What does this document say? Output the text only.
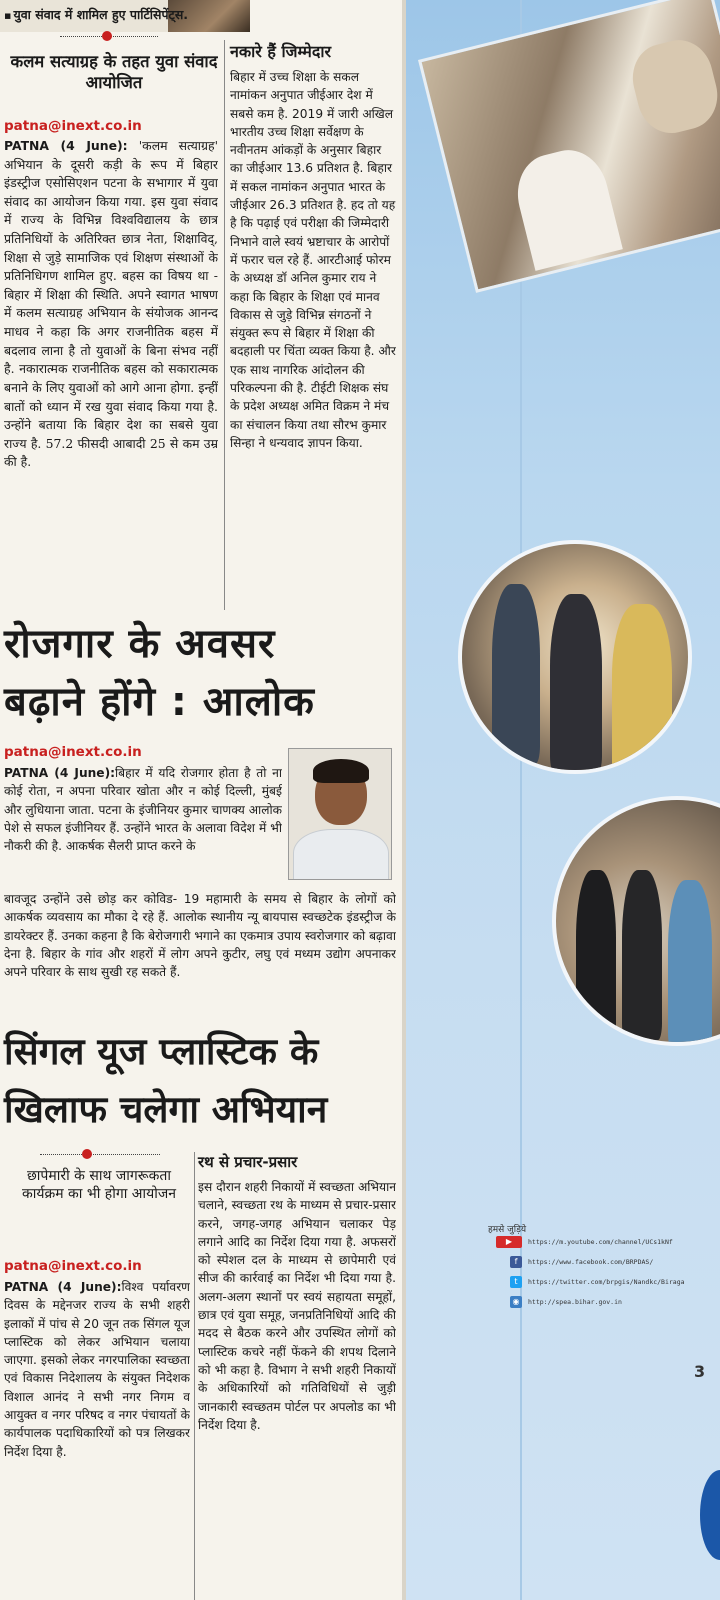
▪ युवा संवाद में शामिल हुए पार्टिसिपेंट्स.
कलम सत्याग्रह के तहत युवा संवाद आयोजित
patna@inext.co.in
PATNA (4 June): 'कलम सत्याग्रह' अभियान के दूसरी कड़ी के रूप में बिहार इंडस्ट्रीज एसोसिएशन पटना के सभागार में युवा संवाद का आयोजन किया गया. इस युवा संवाद में राज्य के विभिन्न विश्वविद्यालय के छात्र प्रतिनिधियों के अतिरिक्त छात्र नेता, शिक्षाविद्, शिक्षा से जुड़े सामाजिक एवं शिक्षण संस्थाओं के प्रतिनिधिगण शामिल हुए. बहस का विषय था - बिहार में शिक्षा की स्थिति. अपने स्वागत भाषण में कलम सत्याग्रह अभियान के संयोजक आनन्द माधव ने कहा कि अगर राजनीतिक बहस में बदलाव लाना है तो युवाओं के बिना संभव नहीं है. नकारात्मक राजनीतिक बहस को सकारात्मक बनाने के लिए युवाओं को आगे आना होगा. इन्हीं बातों को ध्यान में रख युवा संवाद किया गया है. उन्होंने बताया कि बिहार देश का सबसे युवा राज्य है. 57.2 फीसदी आबादी 25 से कम उम्र की है.
नकारे हैं जिम्मेदार
बिहार में उच्च शिक्षा के सकल नामांकन अनुपात जीईआर देश में सबसे कम है. 2019 में जारी अखिल भारतीय उच्च शिक्षा सर्वेक्षण के नवीनतम आंकड़ों के अनुसार बिहार का जीईआर 13.6 प्रतिशत है. बिहार में सकल नामांकन अनुपात भारत के जीईआर 26.3 प्रतिशत है. हद तो यह है कि पढ़ाई एवं परीक्षा की जिम्मेदारी निभाने वाले स्वयं भ्रष्टाचार के आरोपों में फरार चल रहे हैं. आरटीआई फोरम के अध्यक्ष डॉ अनिल कुमार राय ने कहा कि बिहार के शिक्षा एवं मानव विकास से जुड़े विभिन्न संगठनों ने संयुक्त रूप से बिहार में शिक्षा की बदहाली पर चिंता व्यक्त किया है. और एक साथ नागरिक आंदोलन की परिकल्पना की है. टीईटी शिक्षक संघ के प्रदेश अध्यक्ष अमित विक्रम ने मंच का संचालन किया तथा सौरभ कुमार सिन्हा ने धन्यवाद ज्ञापन किया.
रोजगार के अवसर
बढ़ाने होंगे : आलोक
patna@inext.co.in
PATNA (4 June):बिहार में यदि रोजगार होता है तो ना कोई रोता, न अपना परिवार खोता और न कोई दिल्ली, मुंबई और लुधियाना जाता. पटना के इंजीनियर कुमार चाणक्य आलोक पेशे से सफल इंजीनियर हैं. उन्होंने भारत के अलावा विदेश में भी नौकरी की है. आकर्षक सैलरी प्राप्त करने के
बावजूद उन्होंने उसे छोड़ कर कोविड- 19 महामारी के समय से बिहार के लोगों को आकर्षक व्यवसाय का मौका दे रहे हैं. आलोक स्थानीय न्यू बायपास स्वच्छटेक इंडस्ट्रीज के डायरेक्टर हैं. उनका कहना है कि बेरोजगारी भगाने का एकमात्र उपाय स्वरोजगार को बढ़ावा देना है. बिहार के गांव और शहरों में लोग अपने कुटीर, लघु एवं मध्यम उद्योग अपनाकर अपने परिवार के साथ सुखी रह सकते हैं.
सिंगल यूज प्लास्टिक के
खिलाफ चलेगा अभियान
छापेमारी के साथ जागरूकता कार्यक्रम का भी होगा आयोजन
patna@inext.co.in
PATNA (4 June):विश्व पर्यावरण दिवस के मद्देनजर राज्य के सभी शहरी इलाकों में पांच से 20 जून तक सिंगल यूज प्लास्टिक को लेकर अभियान चलाया जाएगा. इसको लेकर नगरपालिका स्वच्छता एवं विकास निदेशालय के संयुक्त निदेशक विशाल आनंद ने सभी नगर निगम व आयुक्त व नगर परिषद व नगर पंचायतों के कार्यपालक पदाधिकारियों को पत्र लिखकर निर्देश दिया है.
रथ से प्रचार-प्रसार
इस दौरान शहरी निकायों में स्वच्छता अभियान चलाने, स्वच्छता रथ के माध्यम से प्रचार-प्रसार करने, जगह-जगह अभियान चलाकर पेड़ लगाने आदि का निर्देश दिया गया है. अफसरों को स्पेशल दल के माध्यम से छापेमारी एवं सीज की कार्रवाई का निर्देश भी दिया गया है. अलग-अलग स्थानों पर स्वयं सहायता समूहों, छात्र एवं युवा समूह, जनप्रतिनिधियों आदि की मदद से बैठक करने और उपस्थित लोगों को प्लास्टिक कचरे नहीं फेंकने की शपथ दिलाने को भी कहा है. विभाग ने सभी शहरी निकायों के अधिकारियों को गतिविधियों से जुड़ी जानकारी स्वच्छतम पोर्टल पर अपलोड का भी निर्देश दिया है.
हमसे जुड़िये
▶ https://m.youtube.com/channel/UCs1kNf
f https://www.facebook.com/BRPDAS/
t https://twitter.com/brpgis/Nandkc/Biraga
◉ http://spea.bihar.gov.in
3
